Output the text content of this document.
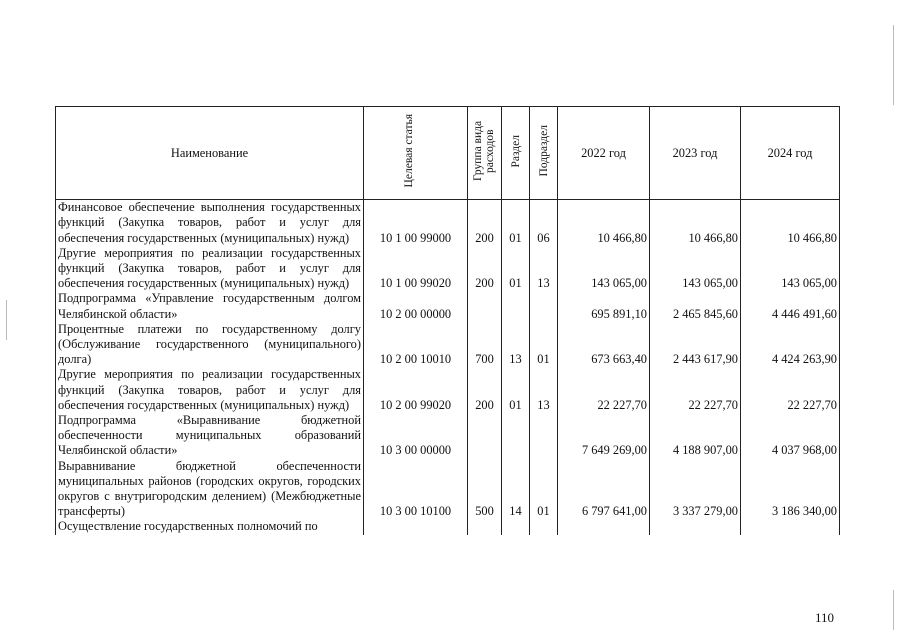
Наименование	Целевая статья	Группа вида расходов	Раздел	Подраздел	2022 год	2023 год	2024 год
Финансовое обеспечение выполнения государственных функций (Закупка товаров, работ и услуг для обеспечения государственных (муниципальных) нужд)	10 1 00 99000	200	01	06	10 466,80	10 466,80	10 466,80
Другие мероприятия по реализации государственных функций (Закупка товаров, работ и услуг для обеспечения государственных (муниципальных) нужд)	10 1 00 99020	200	01	13	143 065,00	143 065,00	143 065,00
Подпрограмма «Управление государственным долгом Челябинской области»	10 2 00 00000				695 891,10	2 465 845,60	4 446 491,60
Процентные платежи по государственному долгу (Обслуживание государственного (муниципального) долга)	10 2 00 10010	700	13	01	673 663,40	2 443 617,90	4 424 263,90
Другие мероприятия по реализации государственных функций (Закупка товаров, работ и услуг для обеспечения государственных (муниципальных) нужд)	10 2 00 99020	200	01	13	22 227,70	22 227,70	22 227,70
Подпрограмма «Выравнивание бюджетной обеспеченности муниципальных образований Челябинской области»	10 3 00 00000				7 649 269,00	4 188 907,00	4 037 968,00
Выравнивание бюджетной обеспеченности муниципальных районов (городских округов, городских округов с внутригородским делением) (Межбюджетные трансферты)	10 3 00 10100	500	14	01	6 797 641,00	3 337 279,00	3 186 340,00
Осуществление государственных полномочий по							
110
